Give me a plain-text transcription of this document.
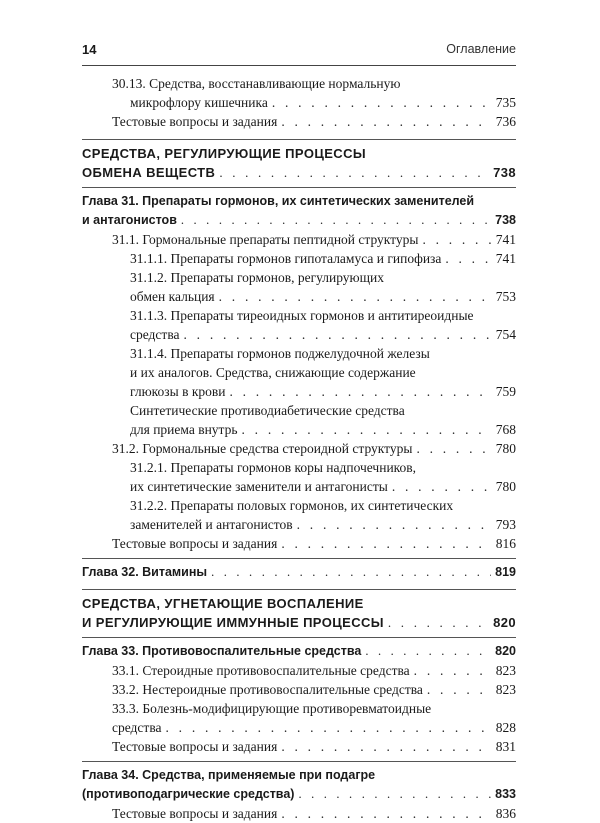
14	Оглавление
30.13. Средства, восстанавливающие нормальную
микрофлору кишечника . . .	735
Тестовые вопросы и задания . . .	736
СРЕДСТВА, РЕГУЛИРУЮЩИЕ ПРОЦЕССЫ
ОБМЕНА ВЕЩЕСТВ . . .	738
Глава 31. Препараты гормонов, их синтетических заменителей
и антагонистов . . .	738
31.1. Гормональные препараты пептидной структуры . . .	741
31.1.1. Препараты гормонов гипоталамуса и гипофиза . . .	741
31.1.2. Препараты гормонов, регулирующих
обмен кальция . . .	753
31.1.3. Препараты тиреоидных гормонов и антитиреоидные
средства . . .	754
31.1.4. Препараты гормонов поджелудочной железы
и их аналогов. Средства, снижающие содержание
глюкозы в крови . . .	759
Синтетические противодиабетические средства
для приема внутрь . . .	768
31.2. Гормональные средства стероидной структуры . . .	780
31.2.1. Препараты гормонов коры надпочечников,
их синтетические заменители и антагонисты . . .	780
31.2.2. Препараты половых гормонов, их синтетических
заменителей и антагонистов . . .	793
Тестовые вопросы и задания . . .	816
Глава 32. Витамины . . .	819
СРЕДСТВА, УГНЕТАЮЩИЕ ВОСПАЛЕНИЕ
И РЕГУЛИРУЮЩИЕ ИММУННЫЕ ПРОЦЕССЫ . . .	820
Глава 33. Противовоспалительные средства . . .	820
33.1. Стероидные противовоспалительные средства . . .	823
33.2. Нестероидные противовоспалительные средства . . .	823
33.3. Болезнь-модифицирующие противоревматоидные
средства . . .	828
Тестовые вопросы и задания . . .	831
Глава 34. Средства, применяемые при подагре
(противоподагрические средства) . . .	833
Тестовые вопросы и задания . . .	836
